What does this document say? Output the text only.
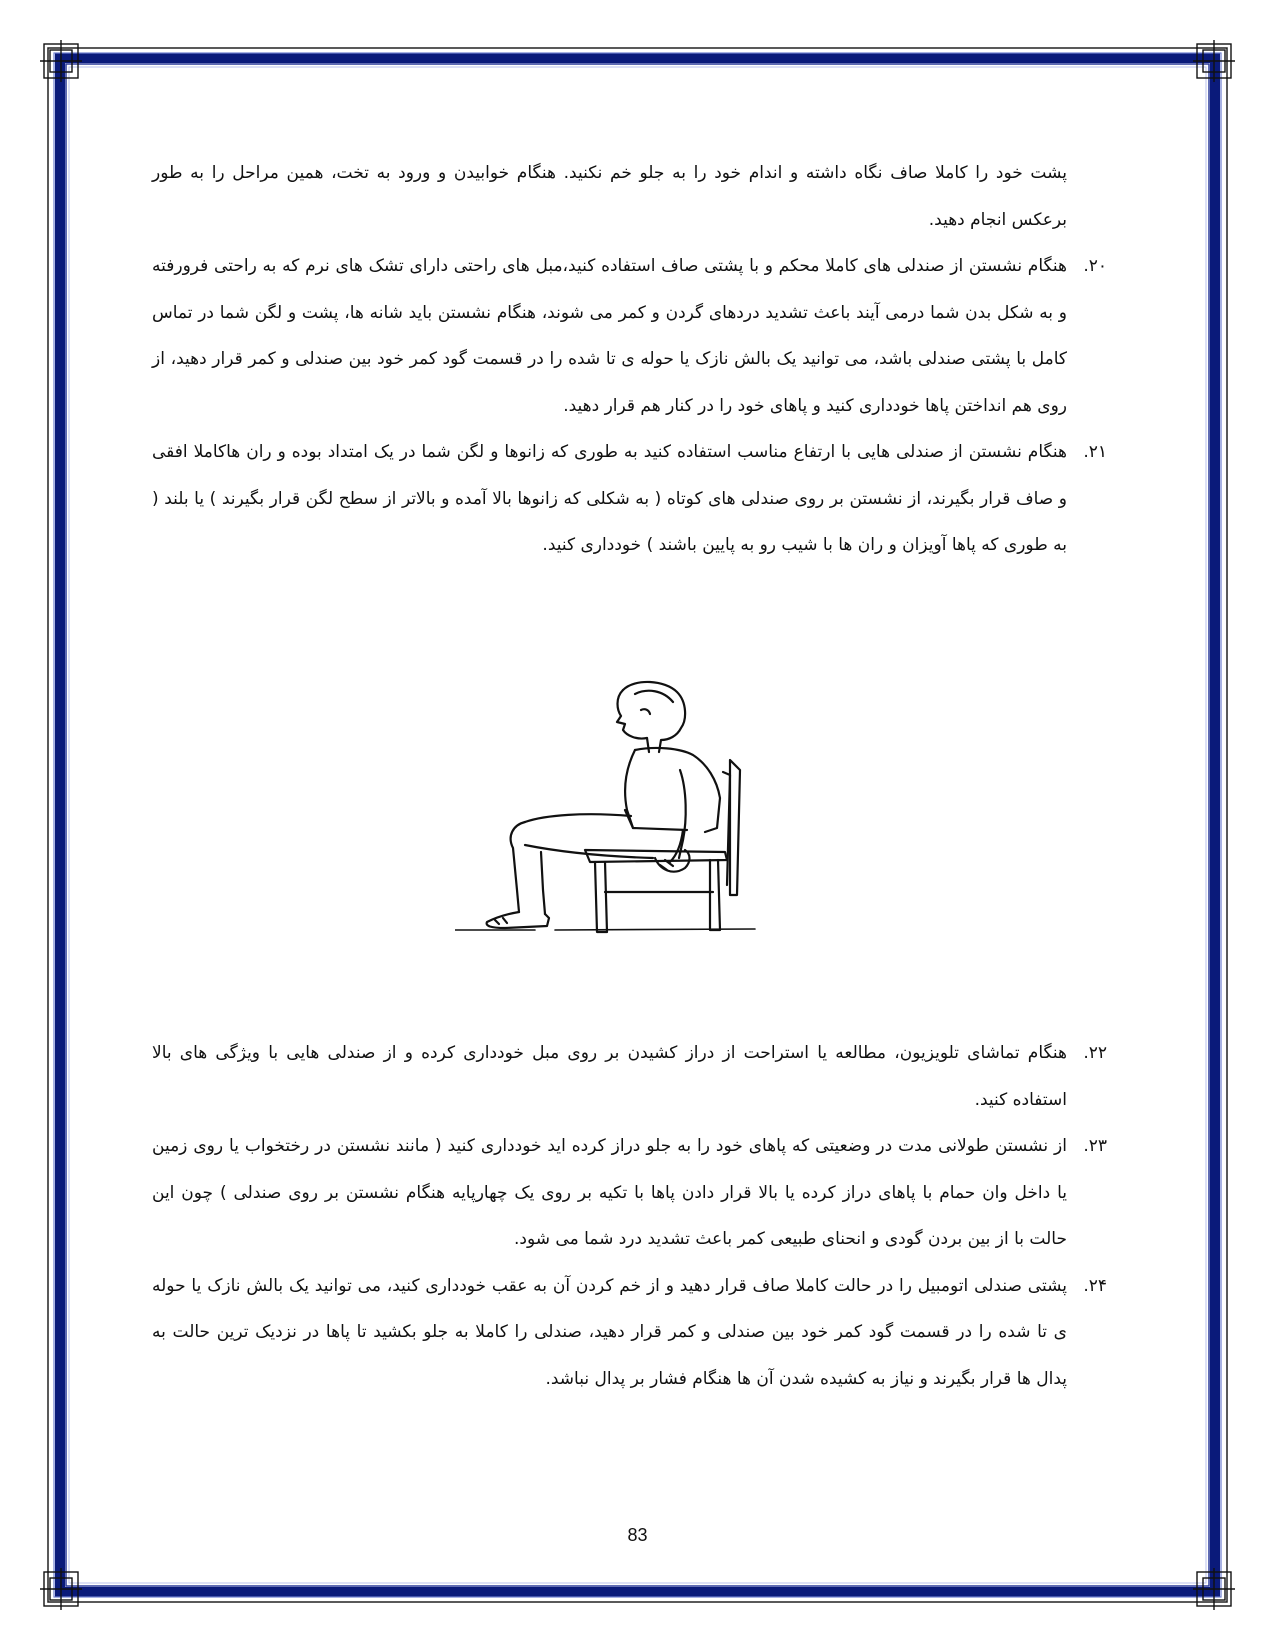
پشت خود را کاملا صاف نگاه داشته و اندام خود را به جلو خم نکنید. هنگام خوابیدن و ورود به تخت، همین مراحل را به طور برعکس انجام دهید.

۲۰.
هنگام نشستن از صندلی های کاملا محکم و با پشتی صاف استفاده کنید،مبل های راحتی دارای تشک های نرم که به راحتی فرورفته و به شکل بدن شما درمی آیند باعث تشدید دردهای گردن و کمر می شوند، هنگام نشستن باید شانه ها، پشت و لگن شما در تماس کامل با پشتی صندلی باشد، می توانید یک بالش نازک یا حوله ی تا شده را در قسمت گود کمر خود بین صندلی و کمر قرار دهید، از روی هم انداختن پاها خودداری کنید و پاهای خود را در کنار هم قرار دهید.

۲۱.
هنگام نشستن از صندلی هایی با ارتفاع مناسب استفاده کنید به طوری که زانوها و لگن شما در یک امتداد بوده و ران هاکاملا افقی و صاف قرار بگیرند، از نشستن بر روی صندلی های کوتاه ( به شکلی که زانوها بالا آمده و بالاتر از سطح لگن قرار بگیرند ) یا بلند ( به طوری که پاها آویزان و ران ها با شیب رو به پایین باشند ) خودداری کنید.

۲۲.
هنگام تماشای تلویزیون، مطالعه یا استراحت از دراز کشیدن بر روی مبل خودداری کرده و از صندلی هایی با ویژگی های بالا استفاده کنید.

۲۳.
از نشستن طولانی مدت در وضعیتی که پاهای خود را به جلو دراز کرده اید خودداری کنید ( مانند نشستن در رختخواب یا روی زمین یا داخل وان حمام با پاهای دراز کرده یا بالا قرار دادن پاها با تکیه بر روی یک چهارپایه هنگام نشستن بر روی صندلی ) چون این حالت با از بین بردن گودی و انحنای طبیعی کمر باعث تشدید درد شما می شود.

۲۴.
پشتی صندلی اتومبیل را در حالت کاملا صاف قرار دهید و از خم کردن آن به عقب خودداری کنید، می توانید یک بالش نازک یا حوله ی تا شده را در قسمت گود کمر خود بین صندلی و کمر قرار دهید، صندلی را کاملا به جلو بکشید تا پاها در نزدیک ترین حالت به پدال ها قرار بگیرند و نیاز به کشیده شدن آن ها هنگام فشار بر پدال نباشد.

83
